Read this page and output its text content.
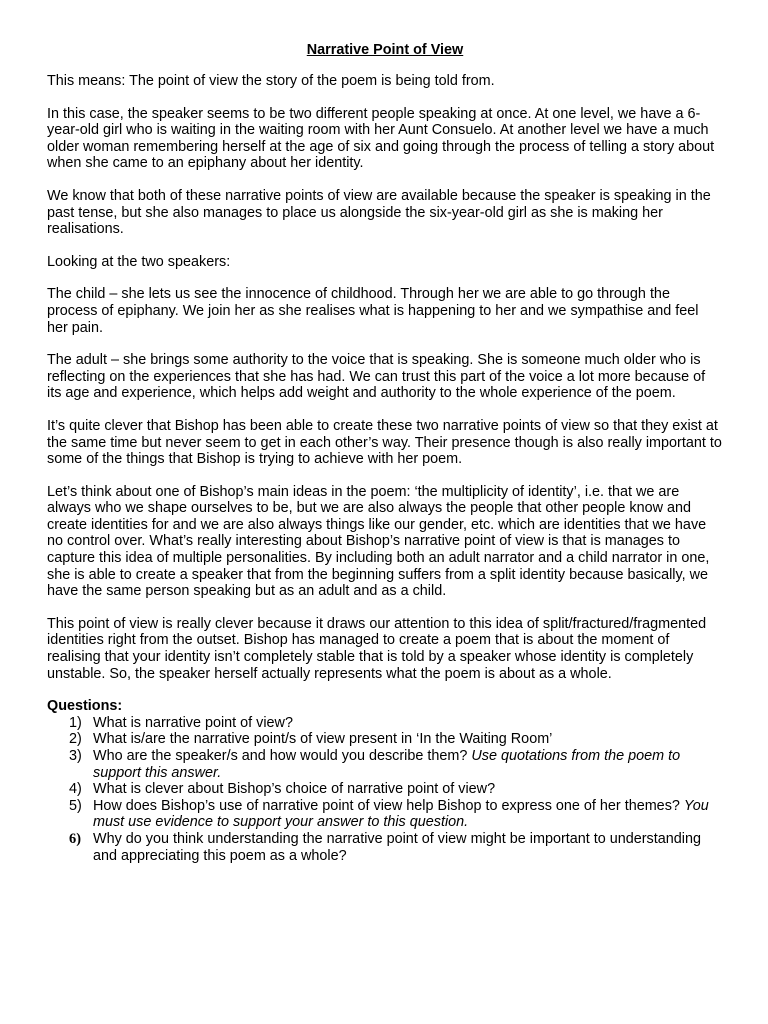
Narrative Point of View

This means: The point of view the story of the poem is being told from.

In this case, the speaker seems to be two different people speaking at once. At one level, we have a 6-year-old girl who is waiting in the waiting room with her Aunt Consuelo. At another level we have a much older woman remembering herself at the age of six and going through the process of telling a story about when she came to an epiphany about her identity.

We know that both of these narrative points of view are available because the speaker is speaking in the past tense, but she also manages to place us alongside the six-year-old girl as she is making her realisations.

Looking at the two speakers:

The child – she lets us see the innocence of childhood. Through her we are able to go through the process of epiphany. We join her as she realises what is happening to her and we sympathise and feel her pain.

The adult – she brings some authority to the voice that is speaking. She is someone much older who is reflecting on the experiences that she has had. We can trust this part of the voice a lot more because of its age and experience, which helps add weight and authority to the whole experience of the poem.

It’s quite clever that Bishop has been able to create these two narrative points of view so that they exist at the same time but never seem to get in each other’s way. Their presence though is also really important to some of the things that Bishop is trying to achieve with her poem.

Let’s think about one of Bishop’s main ideas in the poem: ‘the multiplicity of identity’, i.e. that we are always who we shape ourselves to be, but we are also always the people that other people know and create identities for and we are also always things like our gender, etc. which are identities that we have no control over. What’s really interesting about Bishop’s narrative point of view is that is manages to capture this idea of multiple personalities. By including both an adult narrator and a child narrator in one, she is able to create a speaker that from the beginning suffers from a split identity because basically, we have the same person speaking but as an adult and as a child.

This point of view is really clever because it draws our attention to this idea of split/fractured/fragmented identities right from the outset. Bishop has managed to create a poem that is about the moment of realising that your identity isn’t completely stable that is told by a speaker whose identity is completely unstable. So, the speaker herself actually represents what the poem is about as a whole.

Questions:
1) What is narrative point of view?
2) What is/are the narrative point/s of view present in ‘In the Waiting Room’
3) Who are the speaker/s and how would you describe them? Use quotations from the poem to support this answer.
4) What is clever about Bishop’s choice of narrative point of view?
5) How does Bishop’s use of narrative point of view help Bishop to express one of her themes? You must use evidence to support your answer to this question.
6) Why do you think understanding the narrative point of view might be important to understanding and appreciating this poem as a whole?
